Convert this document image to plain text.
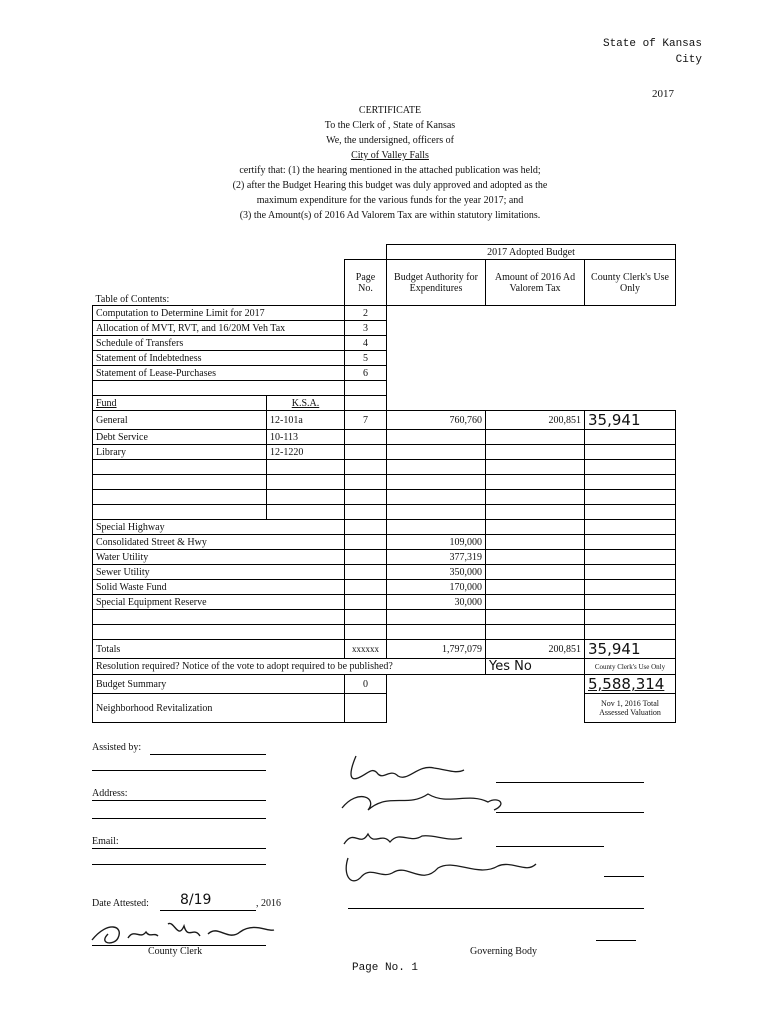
State of Kansas
City
2017
CERTIFICATE
To the Clerk of , State of Kansas
We, the undersigned, officers of
City of Valley Falls
certify that: (1) the hearing mentioned in the attached publication was held;
(2) after the Budget Hearing this budget was duly approved and adopted as the
maximum expenditure for the various funds for the year 2017; and
(3) the Amount(s) of 2016 Ad Valorem Tax are within statutory limitations.
			2017 Adopted Budget		
Table of Contents:		Page No.	Budget Authority for Expenditures	Amount of 2016 Ad Valorem Tax	County Clerk's Use Only
Computation to Determine Limit for 2017		2			
Allocation of MVT, RVT, and 16/20M Veh Tax		3			
Schedule of Transfers		4			
Statement of Indebtedness		5			
Statement of Lease-Purchases		6			

Fund	K.S.A.				
General	12-101a	7	760,760	200,851	35,941
Debt Service	10-113				
Library	12-1220				

Special Highway					
Consolidated Street & Hwy			109,000		
Water Utility			377,319		
Sewer Utility			350,000		
Solid Waste Fund			170,000		
Special Equipment Reserve			30,000		

Totals		xxxxxx	1,797,079	200,851	35,941
Resolution required? Notice of the vote to adopt required to be published?				Yes No	County Clerk's Use Only
Budget Summary		0			5,588,314
Neighborhood Revitalization					Nov 1, 2016 Total Assessed Valuation
Assisted by:
Address:
Email:
Date Attested: 8/19	, 2016
County Clerk	Governing Body
Page No. 1
